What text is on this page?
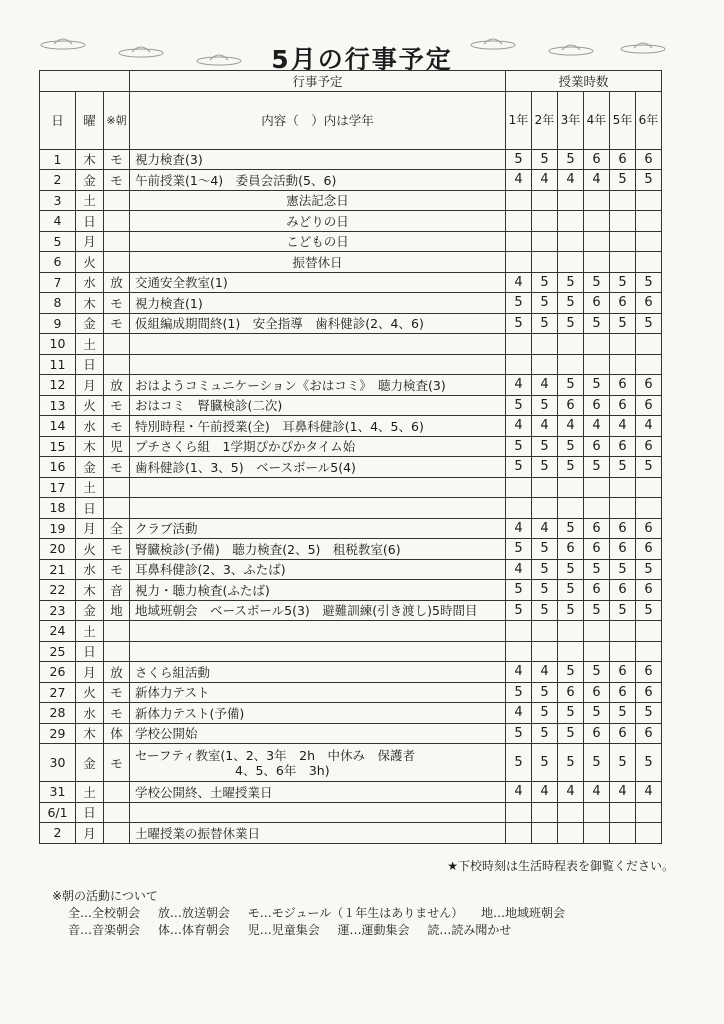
5月の行事予定
			行事予定	授業時数					
日	曜	※朝	内容（　）内は学年	1年	2年	3年	4年	5年	6年
1	木	モ	視力検査(3)	5	5	5	6	6	6
2	金	モ	午前授業(1～4)　委員会活動(5、6)	4	4	4	4	5	5
3	土		憲法記念日						
4	日		みどりの日						
5	月		こどもの日						
6	火		振替休日						
7	水	放	交通安全教室(1)	4	5	5	5	5	5
8	木	モ	視力検査(1)	5	5	5	6	6	6
9	金	モ	仮組編成期間終(1)　安全指導　歯科健診(2、4、6)	5	5	5	5	5	5
10	土								
11	日								
12	月	放	おはようコミュニケーション《おはコミ》　聴力検査(3)	4	4	5	5	6	6
13	火	モ	おはコミ　腎臓検診(二次)	5	5	6	6	6	6
14	水	モ	特別時程・午前授業(全)　耳鼻科健診(1、4、5、6)	4	4	4	4	4	4
15	木	児	プチさくら組　1学期ぴかぴかタイム始	5	5	5	6	6	6
16	金	モ	歯科健診(1、3、5)　ベースボール5(4)	5	5	5	5	5	5
17	土								
18	日								
19	月	全	クラブ活動	4	4	5	6	6	6
20	火	モ	腎臓検診(予備)　聴力検査(2、5)　租税教室(6)	5	5	6	6	6	6
21	水	モ	耳鼻科健診(2、3、ふたば)	4	5	5	5	5	5
22	木	音	視力・聴力検査(ふたば)	5	5	5	6	6	6
23	金	地	地域班朝会　ベースボール5(3)　避難訓練(引き渡し)5時間目	5	5	5	5	5	5
24	土								
25	日								
26	月	放	さくら組活動	4	4	5	5	6	6
27	火	モ	新体力テスト	5	5	6	6	6	6
28	水	モ	新体力テスト(予備)	4	5	5	5	5	5
29	木	体	学校公開始	5	5	5	6	6	6
30	金	モ	セーフティ教室(1、2、3年　2h　中休み　保護者
4、5、6年　3h)	5	5	5	5	5	5
31	土		学校公開終、土曜授業日	4	4	4	4	4	4
6/1	日								
2	月		土曜授業の振替休業日						
★下校時刻は生活時程表を御覧ください。
※朝の活動について
全…全校朝会 放…放送朝会 モ…モジュール（１年生はありません） 地…地域班朝会
音…音楽朝会 体…体育朝会 児…児童集会 運…運動集会 読…読み聞かせ
